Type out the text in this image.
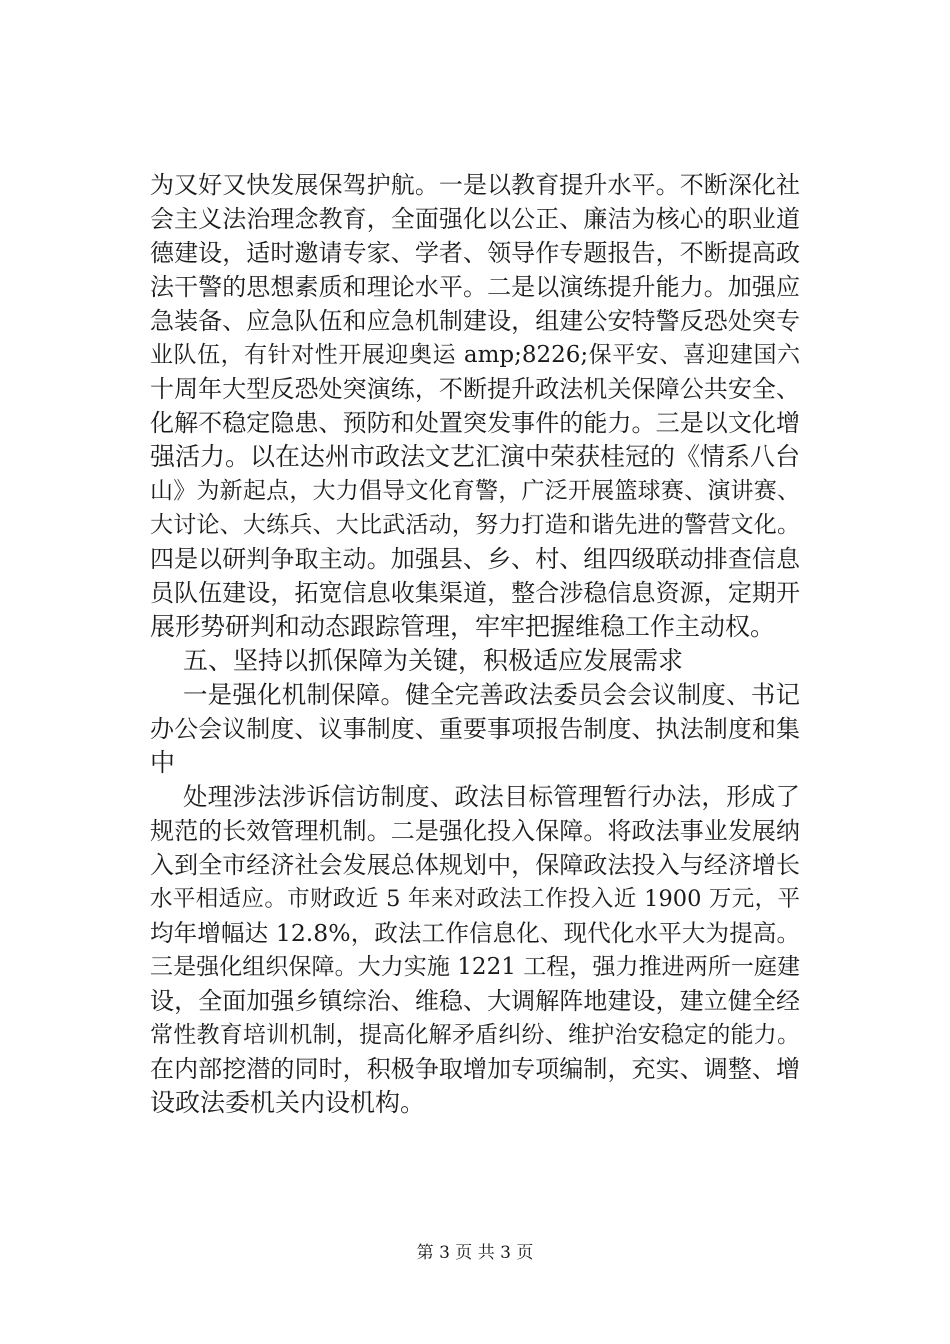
为又好又快发展保驾护航。一是以教育提升水平。不断深化社
会主义法治理念教育，全面强化以公正、廉洁为核心的职业道
德建设，适时邀请专家、学者、领导作专题报告，不断提高政
法干警的思想素质和理论水平。二是以演练提升能力。加强应
急装备、应急队伍和应急机制建设，组建公安特警反恐处突专
业队伍，有针对性开展迎奥运 amp;8226;保平安、喜迎建国六
十周年大型反恐处突演练，不断提升政法机关保障公共安全、
化解不稳定隐患、预防和处置突发事件的能力。三是以文化增
强活力。以在达州市政法文艺汇演中荣获桂冠的《情系八台
山》为新起点，大力倡导文化育警，广泛开展篮球赛、演讲赛、
大讨论、大练兵、大比武活动，努力打造和谐先进的警营文化。
四是以研判争取主动。加强县、乡、村、组四级联动排查信息
员队伍建设，拓宽信息收集渠道，整合涉稳信息资源，定期开
展形势研判和动态跟踪管理，牢牢把握维稳工作主动权。
五、坚持以抓保障为关键，积极适应发展需求
一是强化机制保障。健全完善政法委员会会议制度、书记
办公会议制度、议事制度、重要事项报告制度、执法制度和集
中
处理涉法涉诉信访制度、政法目标管理暂行办法，形成了
规范的长效管理机制。二是强化投入保障。将政法事业发展纳
入到全市经济社会发展总体规划中，保障政法投入与经济增长
水平相适应。市财政近 5 年来对政法工作投入近 1900 万元，平
均年增幅达 12.8%，政法工作信息化、现代化水平大为提高。
三是强化组织保障。大力实施 1221 工程，强力推进两所一庭建
设，全面加强乡镇综治、维稳、大调解阵地建设，建立健全经
常性教育培训机制，提高化解矛盾纠纷、维护治安稳定的能力。
在内部挖潜的同时，积极争取增加专项编制，充实、调整、增
设政法委机关内设机构。
第 3 页 共 3 页
